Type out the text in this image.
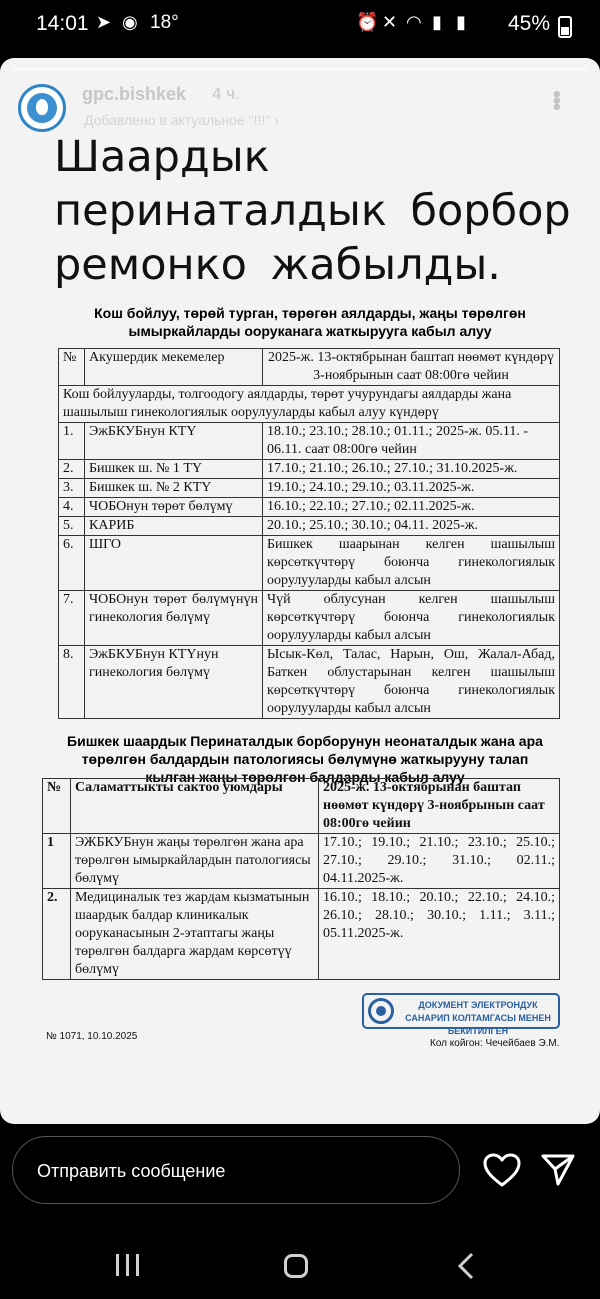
14:01 ➤ ◉ 18°	⏰ ✕ ◠ ▮ ▮ 45%
gpc.bishkek 4 ч.
Добавлено в актуальное "!!!" ›
•••
Шаардык перинаталдык борбор ремонко жабылды.
Кош бойлуу, төрөй турган, төрөгөн аялдарды, жаңы төрөлгөн
ымыркайларды ооруканага жаткырууга кабыл алуу
№	Акушердик мекемелер	2025-ж. 13-октябрынан баштап нөөмөт күндөрү 3-ноябрынын саат 08:00гө чейин
Кош бойлууларды, толгоодогу аялдарды, төрөт учурундагы аялдарды жана шашылыш гинекологиялык оорулууларды кабыл алуу күндөрү		
1.	ЭжБКУБнун КТҮ	18.10.; 23.10.; 28.10.; 01.11.; 2025-ж. 05.11. - 06.11. саат 08:00гө чейин
2.	Бишкек ш. № 1 ТҮ	17.10.; 21.10.; 26.10.; 27.10.; 31.10.2025-ж.
3.	Бишкек ш. № 2 КТҮ	19.10.; 24.10.; 29.10.; 03.11.2025-ж.
4.	ЧОБОнун төрөт бөлүмү	16.10.; 22.10.; 27.10.; 02.11.2025-ж.
5.	КАРИБ	20.10.; 25.10.; 30.10.; 04.11. 2025-ж.
6.	ШГО	Бишкек шаарынан келген шашылыш көрсөткүчтөрү боюнча гинекологиялык оорулууларды кабыл алсын
7.	ЧОБОнун төрөт бөлүмүнүн гинекология бөлүмү	Чүй облусунан келген шашылыш көрсөткүчтөрү боюнча гинекологиялык оорулууларды кабыл алсын
8.	ЭжБКУБнун КТҮнун гинекология бөлүмү	Ысык-Көл, Талас, Нарын, Ош, Жалал-Абад, Баткен облустарынан келген шашылыш көрсөткүчтөрү боюнча гинекологиялык оорулууларды кабыл алсын
Бишкек шаардык Перинаталдык борборунун неонаталдык жана ара
төрөлгөн балдардын патологиясы бөлүмүнө жаткырууну талап
кылган жаңы төрөлгөн балдарды кабыл алуу
№	Саламаттыкты сактоо уюмдары	2025-ж. 13-октябрынан баштап нөөмөт күндөрү 3-ноябрынын саат 08:00гө чейин
1	ЭЖБКУБнун жаңы төрөлгөн жана ара төрөлгөн ымыркайлардын патологиясы бөлүмү	17.10.; 19.10.; 21.10.; 23.10.; 25.10.; 27.10.; 29.10.; 31.10.; 02.11.; 04.11.2025-ж.
2.	Медициналык тез жардам кызматынын шаардык балдар клиникалык ооруканасынын 2-этаптагы жаңы төрөлгөн балдарга жардам көрсөтүү бөлүмү	16.10.; 18.10.; 20.10.; 22.10.; 24.10.; 26.10.; 28.10.; 30.10.; 1.11.; 3.11.; 05.11.2025-ж.
ДОКУМЕНТ ЭЛЕКТРОНДУК САНАРИП КОЛТАМГАСЫ МЕНЕН БЕКИТИЛГЕН
№ 1071, 10.10.2025
Кол койгон: Чечейбаев Э.М.
Отправить сообщение
